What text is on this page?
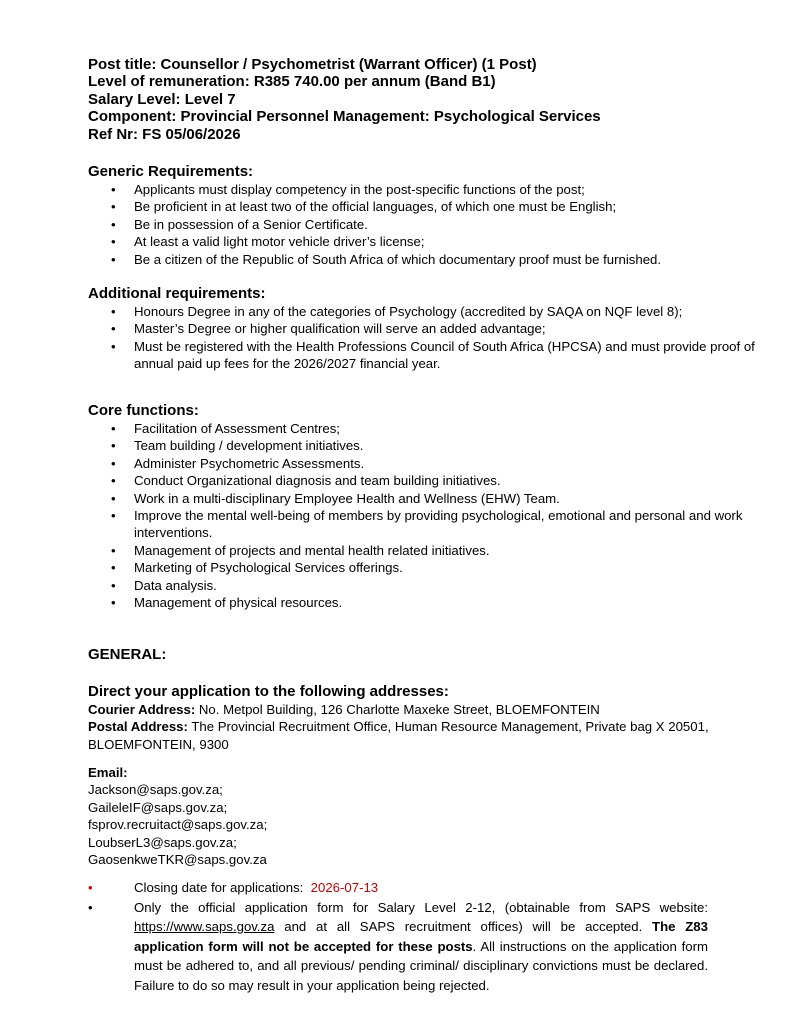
Post title: Counsellor / Psychometrist (Warrant Officer) (1 Post)
Level of remuneration: R385 740.00 per annum (Band B1)
Salary Level: Level 7
Component: Provincial Personnel Management: Psychological Services
Ref Nr: FS 05/06/2026
Generic Requirements:
• Applicants must display competency in the post-specific functions of the post;
• Be proficient in at least two of the official languages, of which one must be English;
• Be in possession of a Senior Certificate.
• At least a valid light motor vehicle driver’s license;
• Be a citizen of the Republic of South Africa of which documentary proof must be furnished.
Additional requirements:
• Honours Degree in any of the categories of Psychology (accredited by SAQA on NQF level 8);
• Master’s Degree or higher qualification will serve an added advantage;
• Must be registered with the Health Professions Council of South Africa (HPCSA) and must provide proof of annual paid up fees for the 2026/2027 financial year.
Core functions:
• Facilitation of Assessment Centres;
• Team building / development initiatives.
• Administer Psychometric Assessments.
• Conduct Organizational diagnosis and team building initiatives.
• Work in a multi-disciplinary Employee Health and Wellness (EHW) Team.
• Improve the mental well-being of members by providing psychological, emotional and personal and work interventions.
• Management of projects and mental health related initiatives.
• Marketing of Psychological Services offerings.
• Data analysis.
• Management of physical resources.
GENERAL:
Direct your application to the following addresses:
Courier Address: No. Metpol Building, 126 Charlotte Maxeke Street, BLOEMFONTEIN
Postal Address: The Provincial Recruitment Office, Human Resource Management, Private bag X 20501, BLOEMFONTEIN, 9300
Email:
Jackson@saps.gov.za;
GaileleIF@saps.gov.za;
fsprov.recruitact@saps.gov.za;
LoubserL3@saps.gov.za;
GaosenkweTKR@saps.gov.za
•	Closing date for applications: 2026-07-13
•	Only the official application form for Salary Level 2-12, (obtainable from SAPS website: https://www.saps.gov.za and at all SAPS recruitment offices) will be accepted. The Z83 application form will not be accepted for these posts. All instructions on the application form must be adhered to, and all previous/ pending criminal/ disciplinary convictions must be declared. Failure to do so may result in your application being rejected.
